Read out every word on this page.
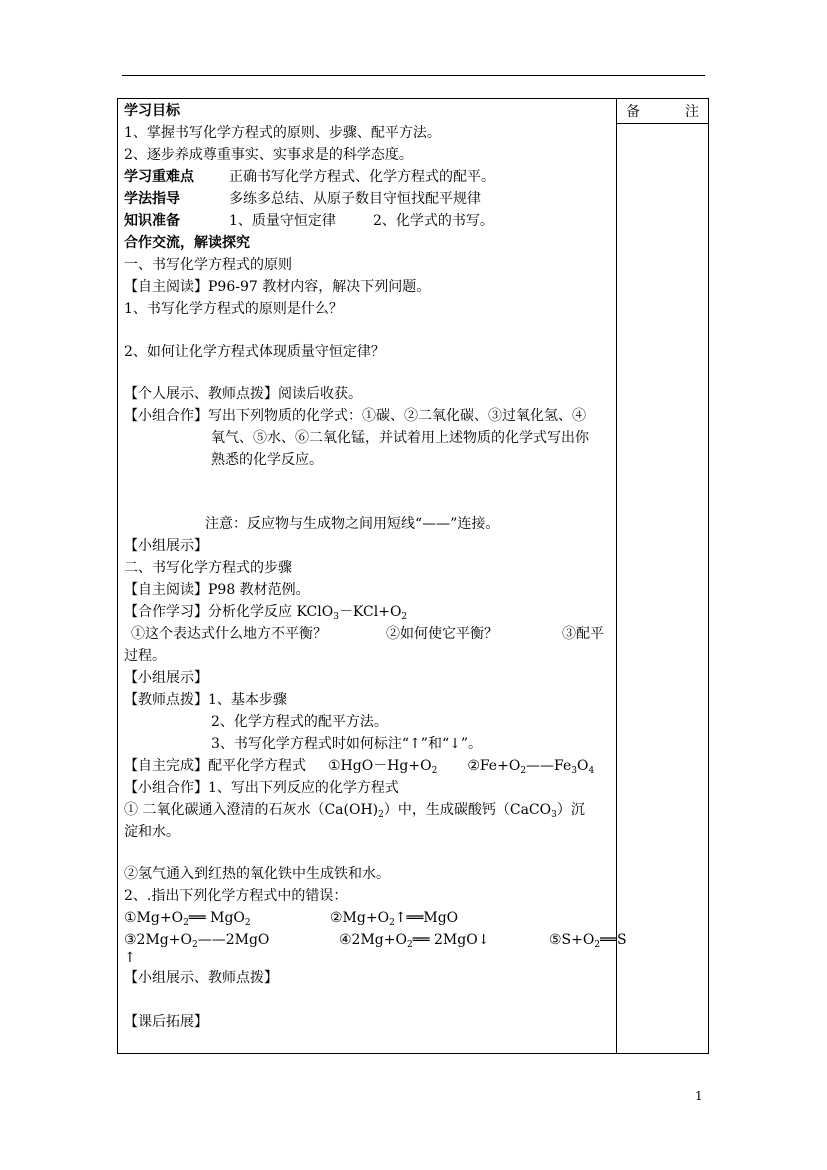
备	注
学习目标
1、掌握书写化学方程式的原则、步骤、配平方法。
2、逐步养成尊重事实、实事求是的科学态度。
学习重难点	正确书写化学方程式、化学方程式的配平。
学法指导	多练多总结、从原子数目守恒找配平规律
知识准备	1、质量守恒定律	2、化学式的书写。
合作交流，解读探究
一、书写化学方程式的原则
【自主阅读】P96-97 教材内容，解决下列问题。
1、书写化学方程式的原则是什么？
2、如何让化学方程式体现质量守恒定律？
【个人展示、教师点拨】阅读后收获。
【小组合作】写出下列物质的化学式：①碳、②二氧化碳、③过氧化氢、④
氧气、⑤水、⑥二氧化锰，并试着用上述物质的化学式写出你
熟悉的化学反应。
注意：反应物与生成物之间用短线“——”连接。
【小组展示】
二、书写化学方程式的步骤
【自主阅读】P98 教材范例。
【合作学习】分析化学反应 $KClO_3-KCl+O_2$
①这个表达式什么地方不平衡？	②如何使它平衡？	③配平
过程。
【小组展示】
【教师点拨】1、基本步骤
2、化学方程式的配平方法。
3、书写化学方程式时如何标注“↑”和“↓”。
【自主完成】配平化学方程式 $①HgO-Hg+O_2$ $②Fe+O_2——Fe_3O_4$
【小组合作】1、写出下列反应的化学方程式
① 二氧化碳通入澄清的石灰水$(Ca(OH)_2)$中，生成碳酸钙（CaCO$_3$）沉
淀和水。
②氢气通入到红热的氧化铁中生成铁和水。
2、.指出下列化学方程式中的错误：
$①Mg+O_2══$ MgO$_2$	$②Mg+O_2↑══MgO$
$③2Mg+O_2——2MgO$	$④2Mg+O_2══$ 2MgO↓	$⑤S+O_2══S$
↑
【小组展示、教师点拨】
【课后拓展】
1
